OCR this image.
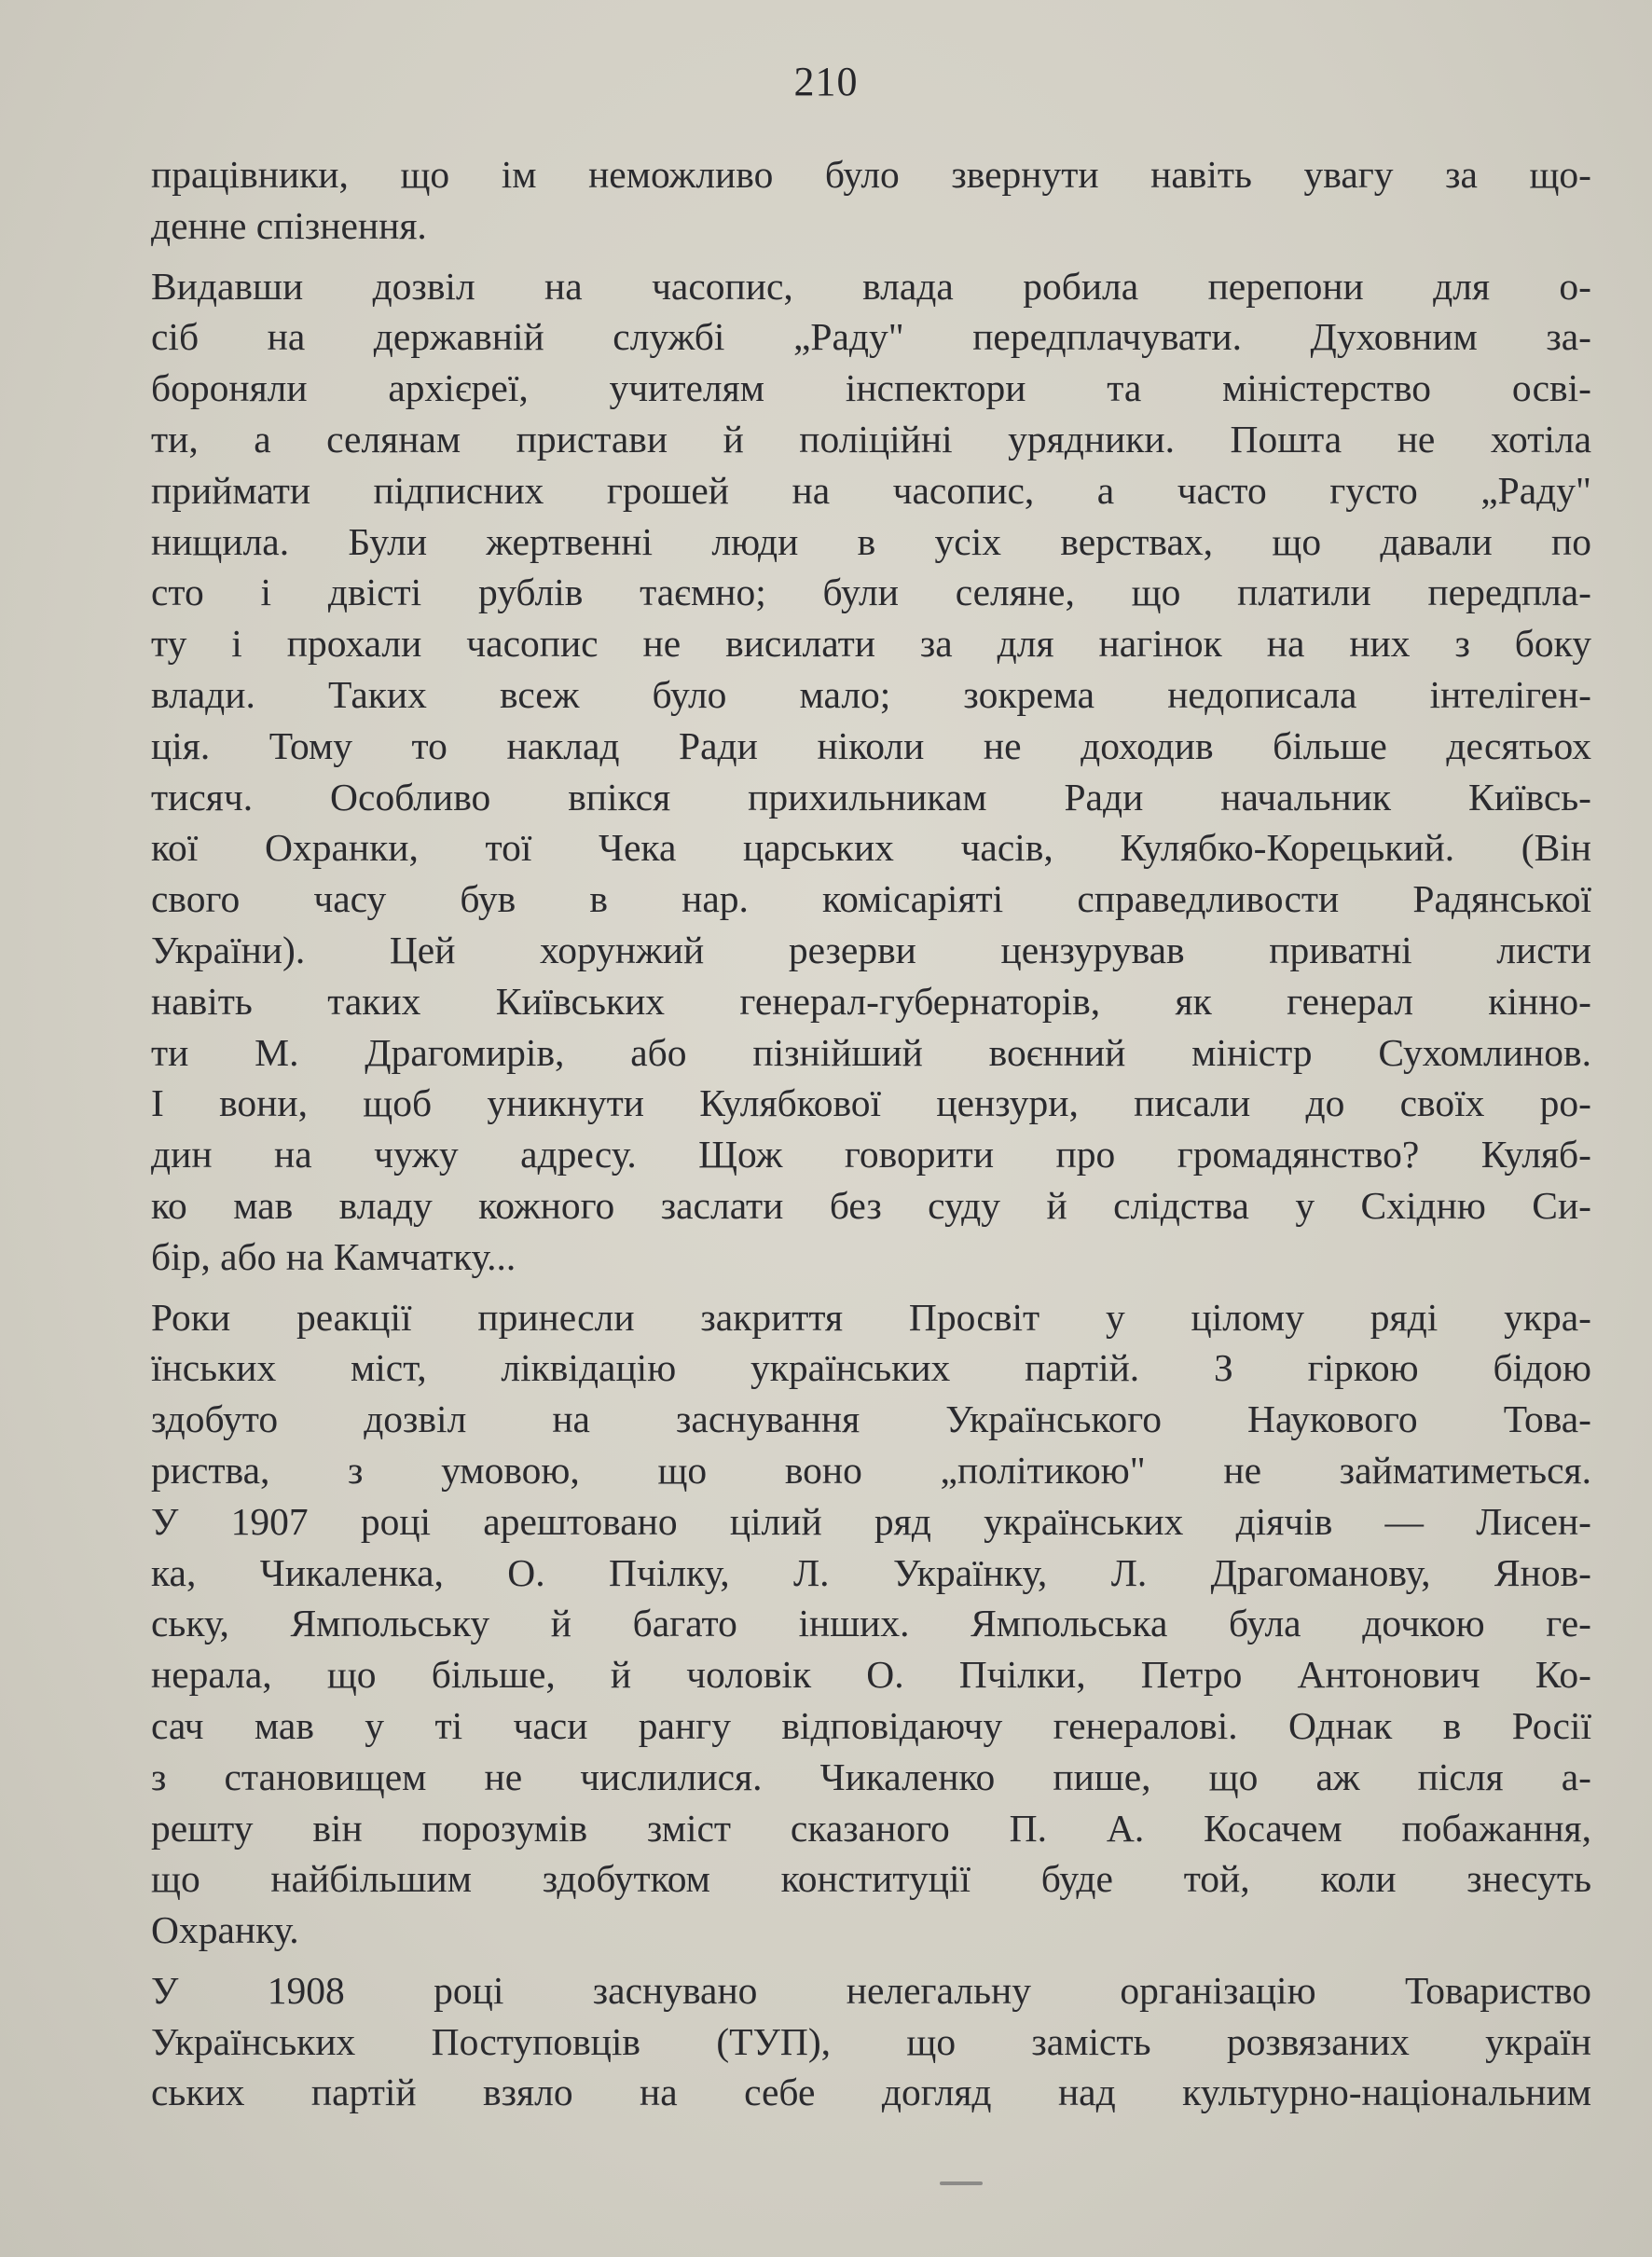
210
працівники, що ім неможливо було звернути навіть увагу за що-
денне спізнення.
Видавши дозвіл на часопис, влада робила перепони для о-
сіб на державній службі „Раду" передплачувати. Духовним за-
бороняли архієреї, учителям інспектори та міністерство осві-
ти, а селянам пристави й поліційні урядники. Пошта не хотіла
приймати підписних грошей на часопис, а часто густо „Раду"
нищила. Були жертвенні люди в усіх верствах, що давали по
сто і двісті рублів таємно; були селяне, що платили передпла-
ту і прохали часопис не висилати за для нагінок на них з боку
влади. Таких всеж було мало; зокрема недописала інтеліген-
ція. Тому то наклад Ради ніколи не доходив більше десятьох
тисяч. Особливо впікся прихильникам Ради начальник Київсь-
кої Охранки, тої Чека царських часів, Кулябко-Корецький. (Він
свого часу був в нар. комісаріяті справедливости Радянської
України). Цей хорунжий резерви цензурував приватні листи
навіть таких Київських генерал-губернаторів, як генерал кінно-
ти М. Драгомирів, або пізнійший воєнний міністр Сухомлинов.
І вони, щоб уникнути Кулябкової цензури, писали до своїх ро-
дин на чужу адресу. Щож говорити про громадянство? Куляб-
ко мав владу кожного заслати без суду й слідства у Східню Си-
бір, або на Камчатку...
Роки реакції принесли закриття Просвіт у цілому ряді укра-
їнських міст, ліквідацію українських партій. З гіркою бідою
здобуто дозвіл на заснування Українського Наукового Това-
риства, з умовою, що воно „політикою" не займатиметься.
У 1907 році арештовано цілий ряд українських діячів — Лисен-
ка, Чикаленка, О. Пчілку, Л. Українку, Л. Драгоманову, Янов-
ську, Ямпольську й багато інших. Ямпольська була дочкою ге-
нерала, що більше, й чоловік О. Пчілки, Петро Антонович Ко-
сач мав у ті часи рангу відповідаючу генералові. Однак в Росії
з становищем не числилися. Чикаленко пише, що аж після а-
решту він порозумів зміст сказаного П. А. Косачем побажання,
що найбільшим здобутком конституції буде той, коли знесуть
Охранку.
У 1908 році заснувано нелегальну організацію Товариство
Українських Поступовців (ТУП), що замість розвязаних україн
ських партій взяло на себе догляд над культурно-національним
